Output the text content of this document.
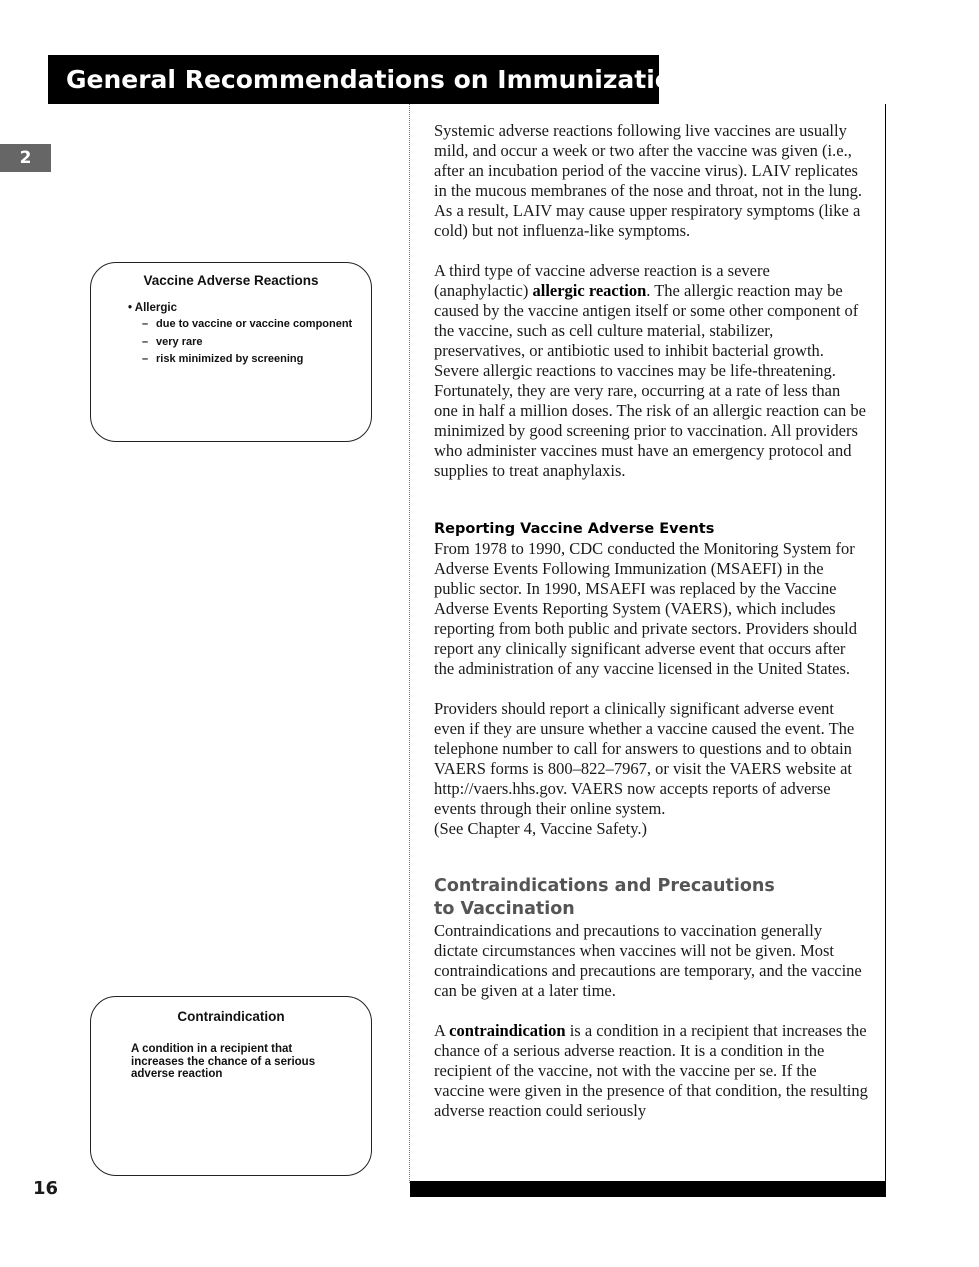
General Recommendations on Immunization
2
Vaccine Adverse Reactions
• Allergic
– due to vaccine or vaccine component
– very rare
– risk minimized by screening
Contraindication
A condition in a recipient that increases the chance of a serious adverse reaction

Systemic adverse reactions following live vaccines are usually mild, and occur a week or two after the vaccine was given (i.e., after an incubation period of the vaccine virus). LAIV replicates in the mucous membranes of the nose and throat, not in the lung. As a result, LAIV may cause upper respiratory symptoms (like a cold) but not influenza-like symptoms.

A third type of vaccine adverse reaction is a severe (anaphylactic) allergic reaction. The allergic reaction may be caused by the vaccine antigen itself or some other component of the vaccine, such as cell culture material, stabilizer, preservatives, or antibiotic used to inhibit bacterial growth. Severe allergic reactions to vaccines may be life-threatening. Fortunately, they are very rare, occurring at a rate of less than one in half a million doses. The risk of an allergic reaction can be minimized by good screening prior to vaccination. All providers who administer vaccines must have an emergency protocol and supplies to treat anaphylaxis.

Reporting Vaccine Adverse Events

From 1978 to 1990, CDC conducted the Monitoring System for Adverse Events Following Immunization (MSAEFI) in the public sector. In 1990, MSAEFI was replaced by the Vaccine Adverse Events Reporting System (VAERS), which includes reporting from both public and private sectors. Providers should report any clinically significant adverse event that occurs after the administration of any vaccine licensed in the United States.

Providers should report a clinically significant adverse event even if they are unsure whether a vaccine caused the event. The telephone number to call for answers to questions and to obtain VAERS forms is 800–822–7967, or visit the VAERS website at http://vaers.hhs.gov. VAERS now accepts reports of adverse events through their online system.

(See Chapter 4, Vaccine Safety.)

Contraindications and Precautions
to Vaccination

Contraindications and precautions to vaccination generally dictate circumstances when vaccines will not be given. Most contraindications and precautions are temporary, and the vaccine can be given at a later time.

A contraindication is a condition in a recipient that increases the chance of a serious adverse reaction. It is a condition in the recipient of the vaccine, not with the vaccine per se. If the vaccine were given in the presence of that condition, the resulting adverse reaction could seriously

16
